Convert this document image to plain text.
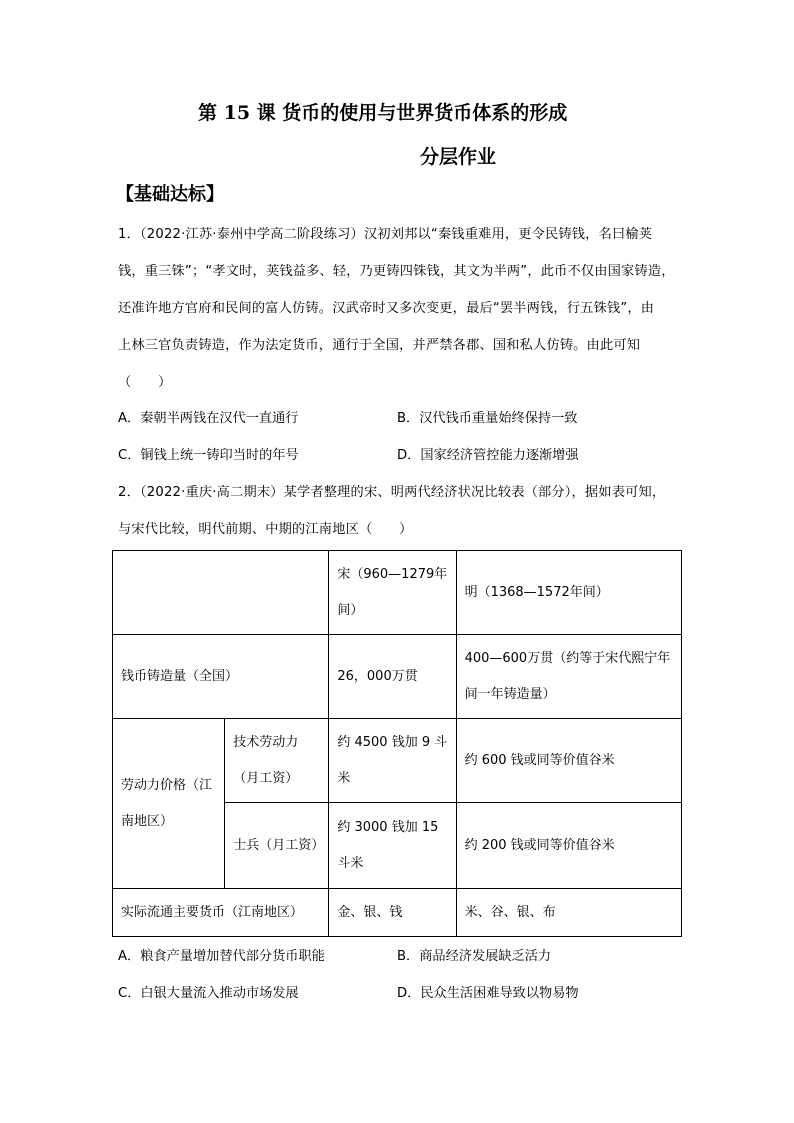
第 15 课 货币的使用与世界货币体系的形成
分层作业
【基础达标】
1．（2022·江苏·泰州中学高二阶段练习）汉初刘邦以“秦钱重难用，更令民铸钱，名曰榆荚
钱，重三铢”；“孝文时，荚钱益多、轻，乃更铸四铢钱，其文为半两”，此币不仅由国家铸造，
还准许地方官府和民间的富人仿铸。汉武帝时又多次变更，最后“罢半两钱，行五铢钱”，由
上林三官负责铸造，作为法定货币，通行于全国，并严禁各郡、国和私人仿铸。由此可知
（　　）
A．秦朝半两钱在汉代一直通行	B．汉代钱币重量始终保持一致
C．铜钱上统一铸印当时的年号	D．国家经济管控能力逐渐增强
2．（2022·重庆·高二期末）某学者整理的宋、明两代经济状况比较表（部分），据如表可知，
与宋代比较，明代前期、中期的江南地区（　　）
		宋（960—1279年间）	明（1368—1572年间）
钱币铸造量（全国）		26，000万贯	400—600万贯（约等于宋代熙宁年间一年铸造量）
劳动力价格（江南地区）	技术劳动力（月工资）	约 4500 钱加 9 斗米	约 600 钱或同等价值谷米
	士兵（月工资）	约 3000 钱加 15 斗米	约 200 钱或同等价值谷米
实际流通主要货币（江南地区）		金、银、钱	米、谷、银、布
A．粮食产量增加替代部分货币职能	B．商品经济发展缺乏活力
C．白银大量流入推动市场发展	D．民众生活困难导致以物易物
